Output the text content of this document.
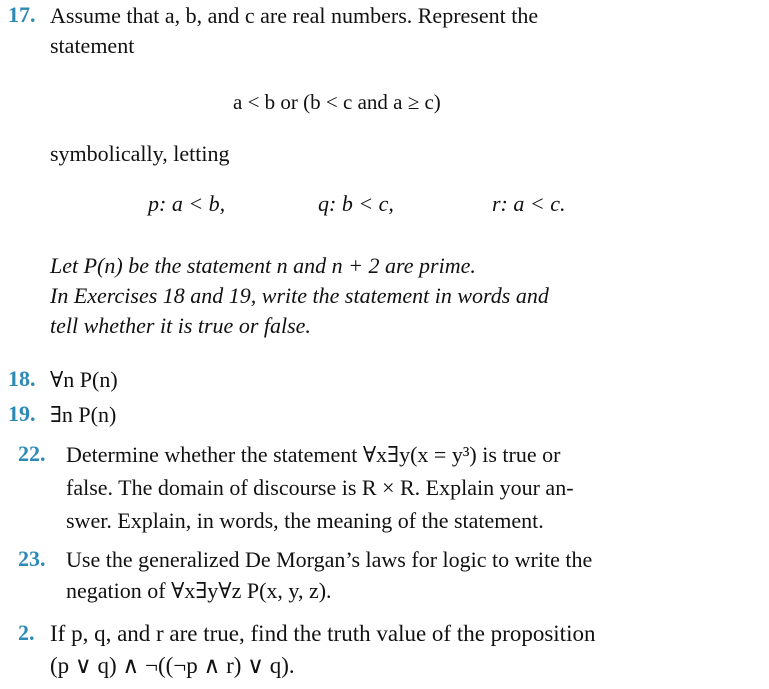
17. Assume that a, b, and c are real numbers. Represent the
statement
a < b or (b < c and a ≥ c)
symbolically, letting
p: a < b,	q: b < c,	r: a < c.
Let P(n) be the statement n and n + 2 are prime.
In Exercises 18 and 19, write the statement in words and
tell whether it is true or false.
18. ∀n P(n)
19. ∃n P(n)
22. Determine whether the statement ∀x∃y(x = y³) is true or
false. The domain of discourse is R × R. Explain your an-
swer. Explain, in words, the meaning of the statement.
23. Use the generalized De Morgan’s laws for logic to write the
negation of ∀x∃y∀z P(x, y, z).
2. If p, q, and r are true, find the truth value of the proposition
(p ∨ q) ∧ ¬((¬p ∧ r) ∨ q).
